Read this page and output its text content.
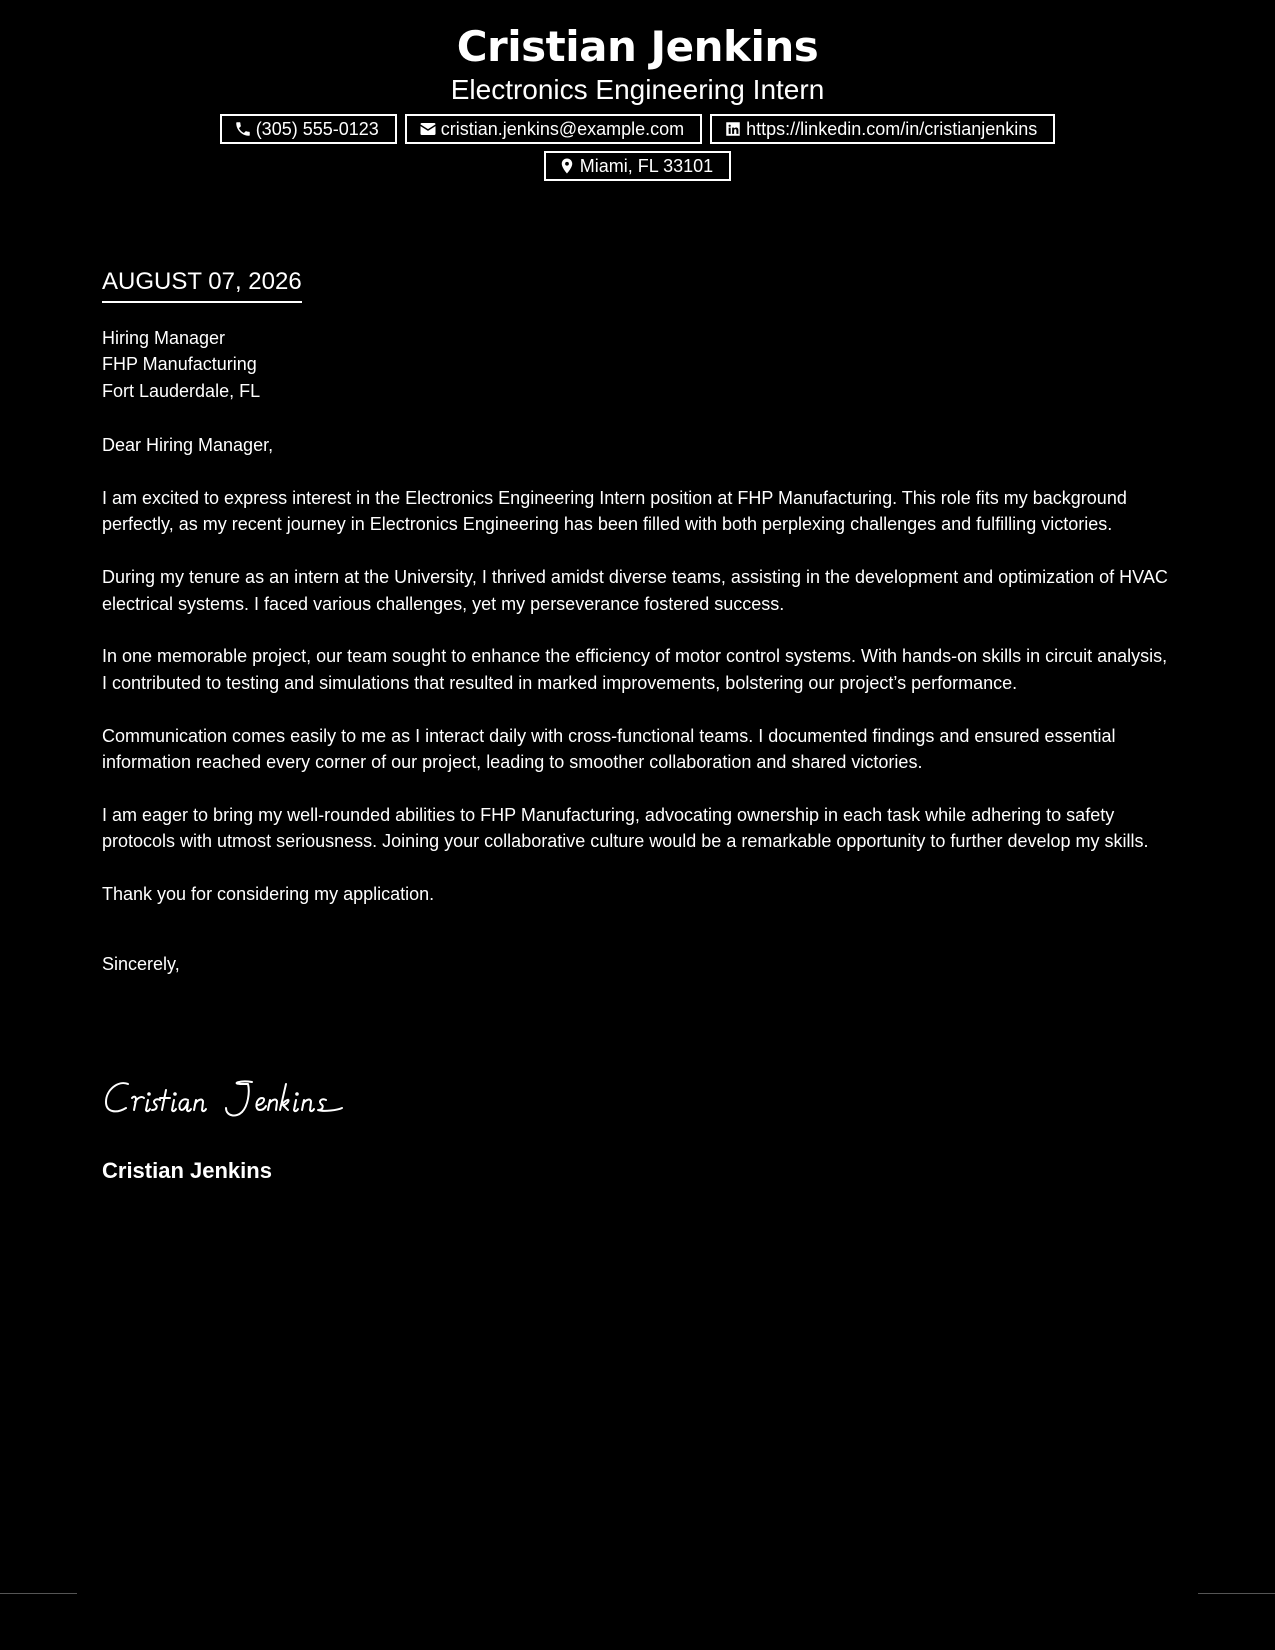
Cristian Jenkins
Electronics Engineering Intern
(305) 555-0123	cristian.jenkins@example.com	https://linkedin.com/in/cristianjenkins
Miami, FL 33101
AUGUST 07, 2026

Hiring Manager
FHP Manufacturing
Fort Lauderdale, FL

Dear Hiring Manager,

I am excited to express interest in the Electronics Engineering Intern position at FHP Manufacturing. This role fits my background perfectly, as my recent journey in Electronics Engineering has been filled with both perplexing challenges and fulfilling victories.

During my tenure as an intern at the University, I thrived amidst diverse teams, assisting in the development and optimization of HVAC electrical systems. I faced various challenges, yet my perseverance fostered success.

In one memorable project, our team sought to enhance the efficiency of motor control systems. With hands-on skills in circuit analysis, I contributed to testing and simulations that resulted in marked improvements, bolstering our project’s performance.

Communication comes easily to me as I interact daily with cross-functional teams. I documented findings and ensured essential information reached every corner of our project, leading to smoother collaboration and shared victories.

I am eager to bring my well-rounded abilities to FHP Manufacturing, advocating ownership in each task while adhering to safety protocols with utmost seriousness. Joining your collaborative culture would be a remarkable opportunity to further develop my skills.

Thank you for considering my application.

Sincerely,

Cristian Jenkins
